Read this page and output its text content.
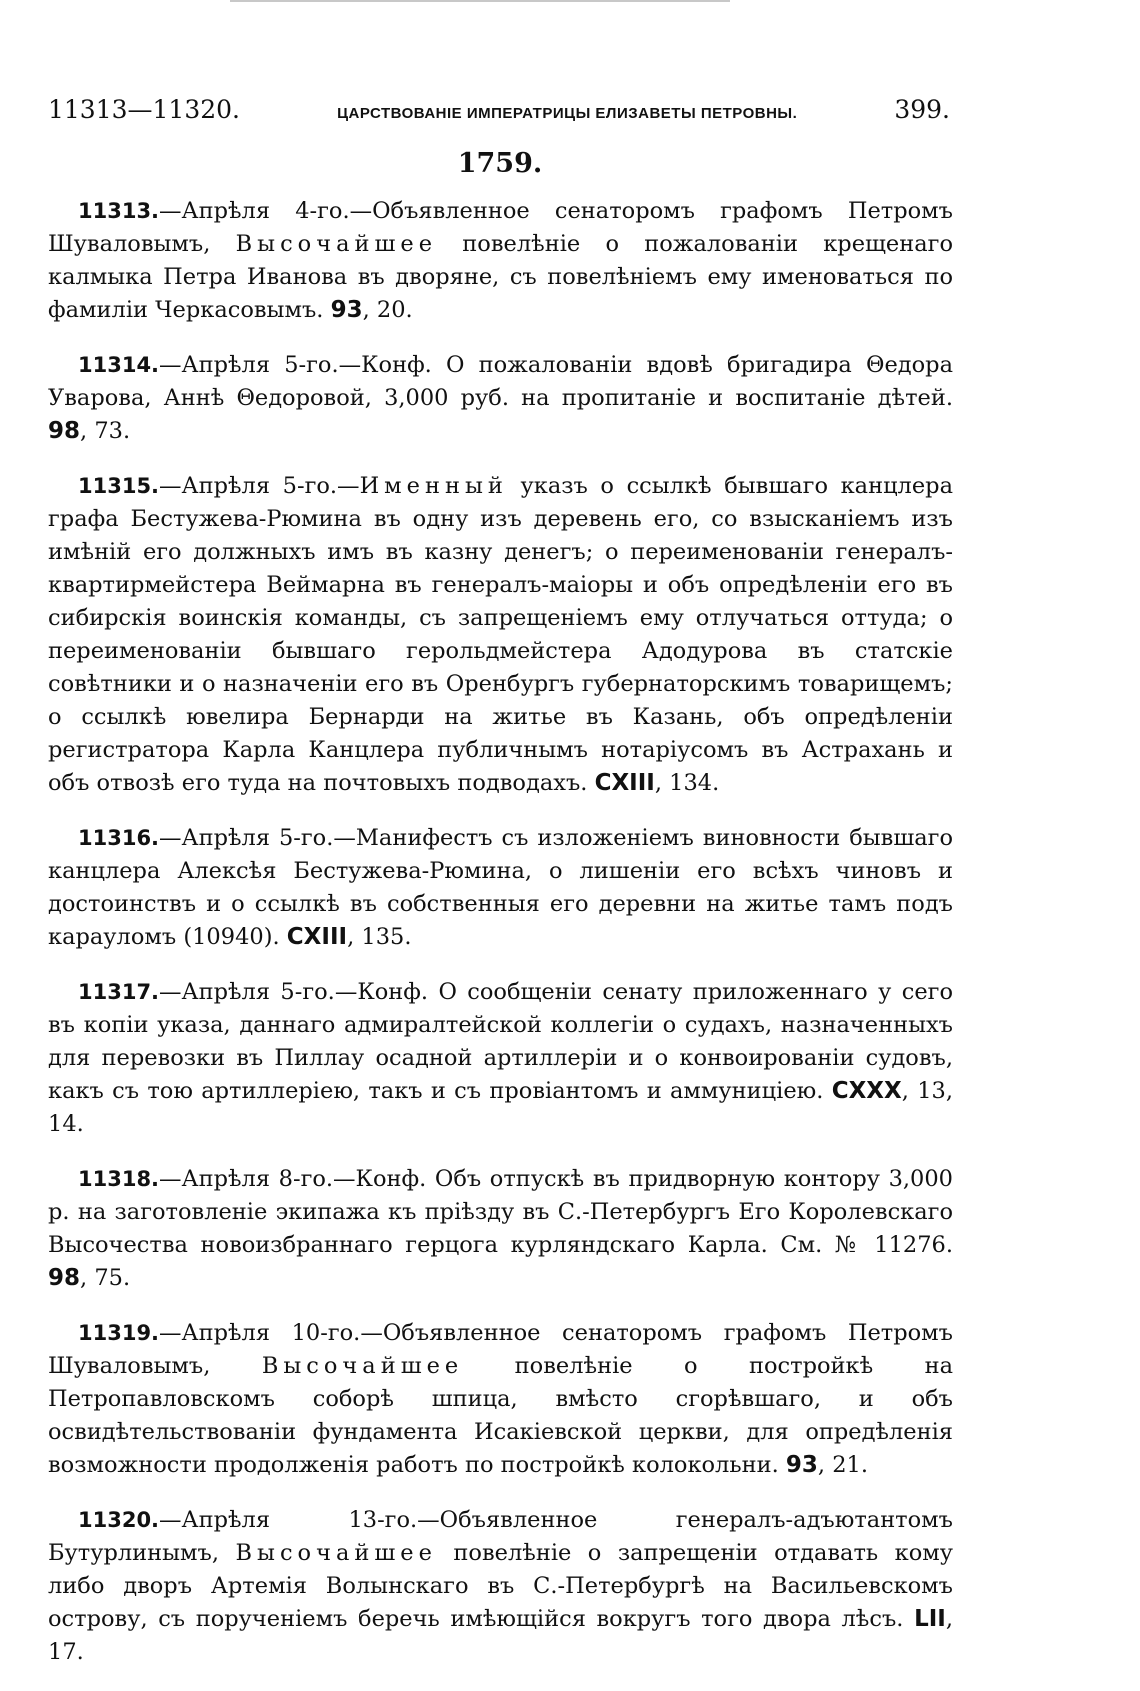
11313—11320.	ЦАРСТВОВАНІЕ ИМПЕРАТРИЦЫ ЕЛИЗАВЕТЫ ПЕТРОВНЫ.	399.
1759.

11313.—Апрѣля 4-го.—Объявленное сенаторомъ графомъ Петромъ Шуваловымъ, Высочайшее повелѣніе о пожалованіи крещенаго калмыка Петра Иванова въ дворяне, съ повелѣніемъ ему именоваться по фамиліи Черкасовымъ. 93, 20.

11314.—Апрѣля 5-го.—Конф. О пожалованіи вдовѣ бригадира Θедора Уварова, Аннѣ Θедоровой, 3,000 руб. на пропитаніе и воспитаніе дѣтей. 98, 73.

11315.—Апрѣля 5-го.—Именный указъ о ссылкѣ бывшаго канцлера графа Бестужева-Рюмина въ одну изъ деревень его, со взысканіемъ изъ имѣній его должныхъ имъ въ казну денегъ; о переименованіи генералъ-квартирмейстера Веймарна въ генералъ-маіоры и объ опредѣленіи его въ сибирскія воинскія команды, съ запрещеніемъ ему отлучаться оттуда; о переименованіи бывшаго герольдмейстера Адодурова въ статскіе совѣтники и о назначеніи его въ Оренбургъ губернаторскимъ товарищемъ; о ссылкѣ ювелира Бернарди на житье въ Казань, объ опредѣленіи регистратора Карла Канцлера публичнымъ нотаріусомъ въ Астрахань и объ отвозѣ его туда на почтовыхъ подводахъ. CXIII, 134.

11316.—Апрѣля 5-го.—Манифестъ съ изложеніемъ виновности бывшаго канцлера Алексѣя Бестужева-Рюмина, о лишеніи его всѣхъ чиновъ и достоинствъ и о ссылкѣ въ собственныя его деревни на житье тамъ подъ карауломъ (10940). CXIII, 135.

11317.—Апрѣля 5-го.—Конф. О сообщеніи сенату приложеннаго у сего въ копіи указа, даннаго адмиралтейской коллегіи о судахъ, назначенныхъ для перевозки въ Пиллау осадной артиллеріи и о конвоированіи судовъ, какъ съ тою артиллеріею, такъ и съ провіантомъ и аммуниціею. CXXX, 13, 14.

11318.—Апрѣля 8-го.—Конф. Объ отпускѣ въ придворную контору 3,000 р. на заготовленіе экипажа къ пріѣзду въ С.-Петербургъ Его Королевскаго Высочества новоизбраннаго герцога курляндскаго Карла. См. № 11276. 98, 75.

11319.—Апрѣля 10-го.—Объявленное сенаторомъ графомъ Петромъ Шуваловымъ, Высочайшее повелѣніе о постройкѣ на Петропавловскомъ соборѣ шпица, вмѣсто сгорѣвшаго, и объ освидѣтельствованіи фундамента Исакіевской церкви, для опредѣленія возможности продолженія работъ по постройкѣ колокольни. 93, 21.

11320.—Апрѣля 13-го.—Объявленное генералъ-адъютантомъ Бутурлинымъ, Высочайшее повелѣніе о запрещеніи отдавать кому либо дворъ Артемія Волынскаго въ С.-Петербургѣ на Васильевскомъ острову, съ порученіемъ беречь имѣющійся вокругъ того двора лѣсъ. LII, 17.
